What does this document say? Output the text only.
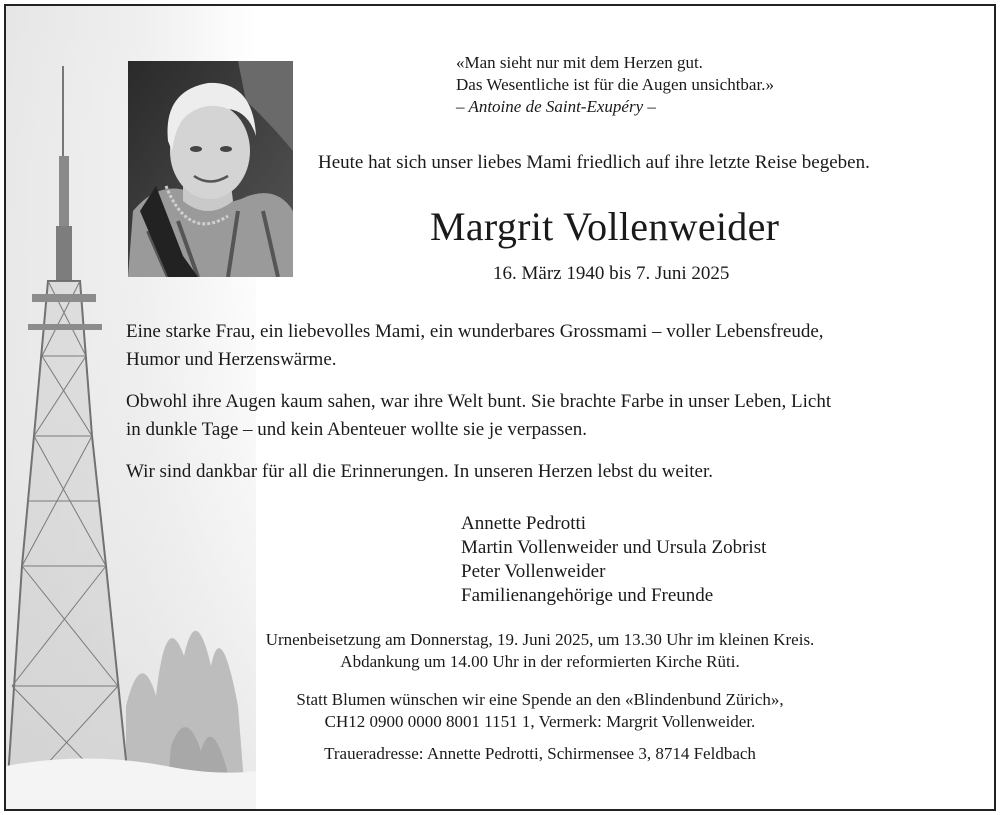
«Man sieht nur mit dem Herzen gut.
Das Wesentliche ist für die Augen unsichtbar.»
– Antoine de Saint-Exupéry –

Heute hat sich unser liebes Mami friedlich auf ihre letzte Reise begeben.

Margrit Vollenweider

16. März 1940 bis 7. Juni 2025

Eine starke Frau, ein liebevolles Mami, ein wunderbares Grossmami – voller Lebensfreude,
Humor und Herzenswärme.

Obwohl ihre Augen kaum sahen, war ihre Welt bunt. Sie brachte Farbe in unser Leben, Licht
in dunkle Tage – und kein Abenteuer wollte sie je verpassen.

Wir sind dankbar für all die Erinnerungen. In unseren Herzen lebst du weiter.

Annette Pedrotti
Martin Vollenweider und Ursula Zobrist
Peter Vollenweider
Familienangehörige und Freunde

Urnenbeisetzung am Donnerstag, 19. Juni 2025, um 13.30 Uhr im kleinen Kreis.
Abdankung um 14.00 Uhr in der reformierten Kirche Rüti.

Statt Blumen wünschen wir eine Spende an den «Blindenbund Zürich»,
CH12 0900 0000 8001 1151 1, Vermerk: Margrit Vollenweider.

Traueradresse: Annette Pedrotti, Schirmensee 3, 8714 Feldbach
